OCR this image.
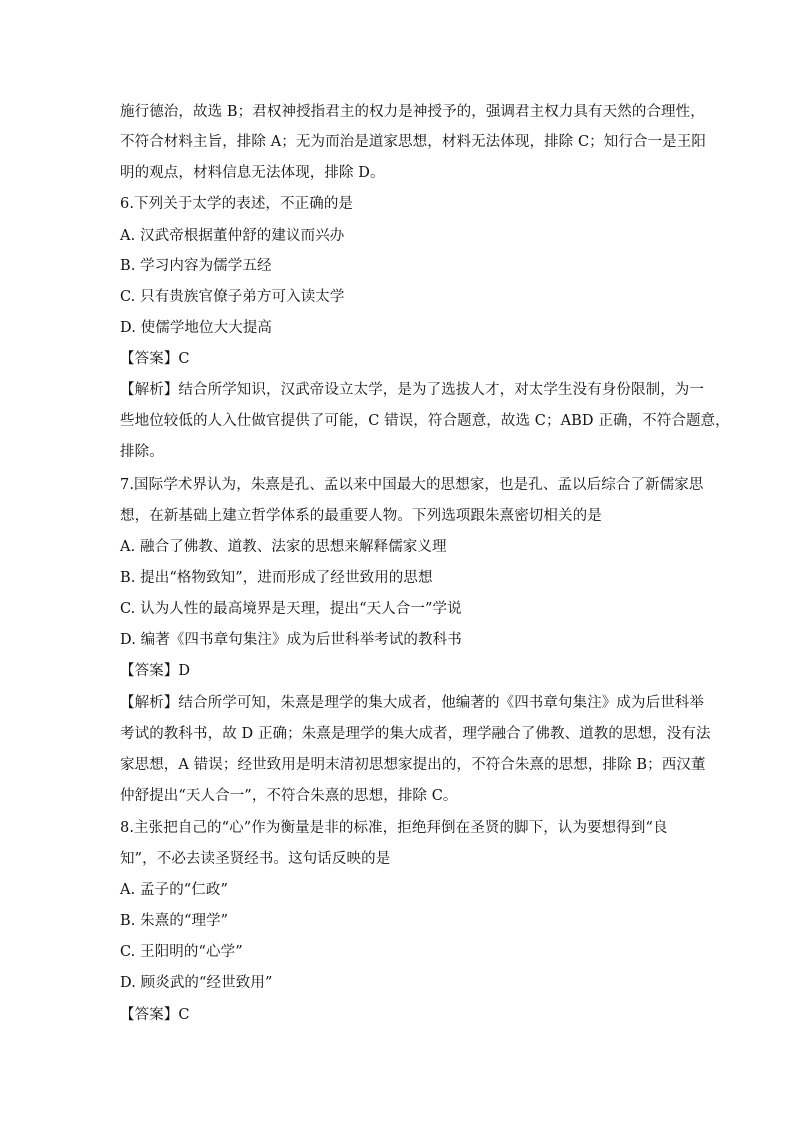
施行德治，故选 B；君权神授指君主的权力是神授予的，强调君主权力具有天然的合理性，
不符合材料主旨，排除 A；无为而治是道家思想，材料无法体现，排除 C；知行合一是王阳
明的观点，材料信息无法体现，排除 D。
6.下列关于太学的表述，不正确的是
A. 汉武帝根据董仲舒的建议而兴办
B. 学习内容为儒学五经
C. 只有贵族官僚子弟方可入读太学
D. 使儒学地位大大提高
【答案】C
【解析】结合所学知识，汉武帝设立太学，是为了选拔人才，对太学生没有身份限制，为一
些地位较低的人入仕做官提供了可能，C 错误，符合题意，故选 C；ABD 正确，不符合题意，
排除。
7.国际学术界认为，朱熹是孔、孟以来中国最大的思想家，也是孔、孟以后综合了新儒家思
想，在新基础上建立哲学体系的最重要人物。下列选项跟朱熹密切相关的是
A. 融合了佛教、道教、法家的思想来解释儒家义理
B. 提出“格物致知”，进而形成了经世致用的思想
C. 认为人性的最高境界是天理，提出“天人合一”学说
D. 编著《四书章句集注》成为后世科举考试的教科书
【答案】D
【解析】结合所学可知，朱熹是理学的集大成者，他编著的《四书章句集注》成为后世科举
考试的教科书，故 D 正确；朱熹是理学的集大成者，理学融合了佛教、道教的思想，没有法
家思想，A 错误；经世致用是明末清初思想家提出的，不符合朱熹的思想，排除 B；西汉董
仲舒提出“天人合一”，不符合朱熹的思想，排除 C。
8.主张把自己的“心”作为衡量是非的标准，拒绝拜倒在圣贤的脚下，认为要想得到“良
知”，不必去读圣贤经书。这句话反映的是
A. 孟子的“仁政”
B. 朱熹的“理学”
C. 王阳明的“心学”
D. 顾炎武的“经世致用”
【答案】C
